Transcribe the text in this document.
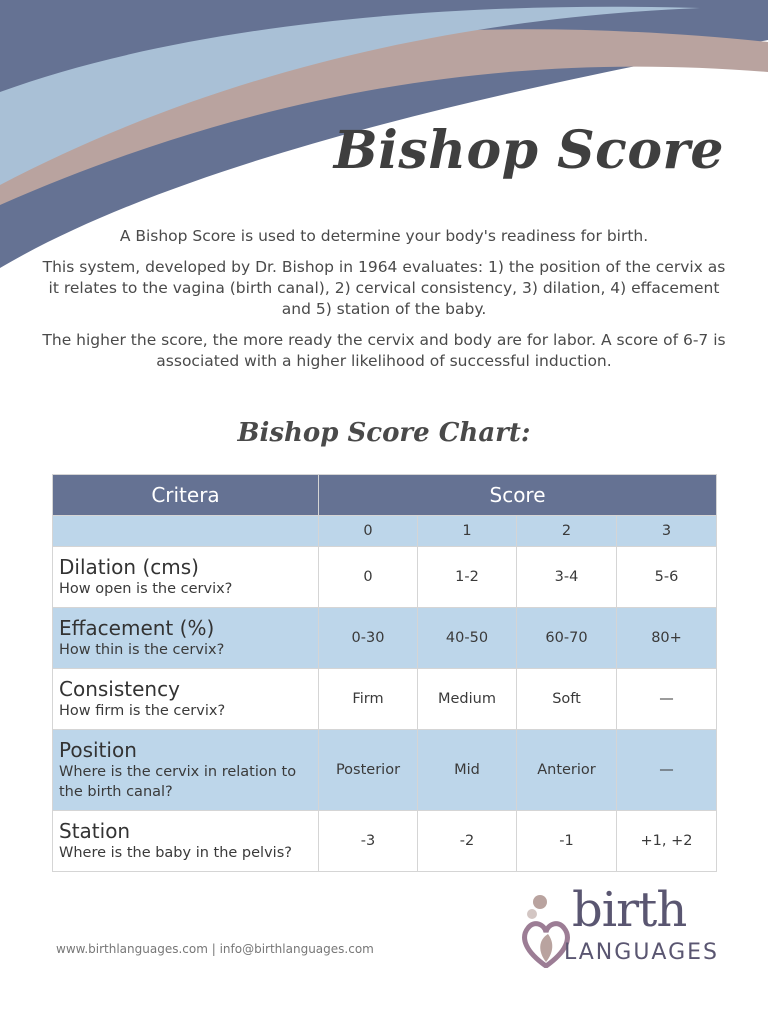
Bishop Score

A Bishop Score is used to determine your body's readiness for birth.

This system, developed by Dr. Bishop in 1964 evaluates: 1) the position of the cervix as it relates to the vagina (birth canal), 2) cervical consistency, 3) dilation, 4) effacement and 5) station of the baby.

The higher the score, the more ready the cervix and body are for labor. A score of 6-7 is associated with a higher likelihood of successful induction.

Bishop Score Chart:
Critera	Score			
	0	1	2	3

Dilation (cms)
How open is the cervix?	0	1-2	3-4	5-6

Effacement (%)
How thin is the cervix?	0-30	40-50	60-70	80+

Consistency
How firm is the cervix?	Firm	Medium	Soft	—

Position
Where is the cervix in relation to the birth canal?	Posterior	Mid	Anterior	—

Station
Where is the baby in the pelvis?	-3	-2	-1	+1, +2
www.birthlanguages.com | info@birthlanguages.com
birth
LANGUAGES
